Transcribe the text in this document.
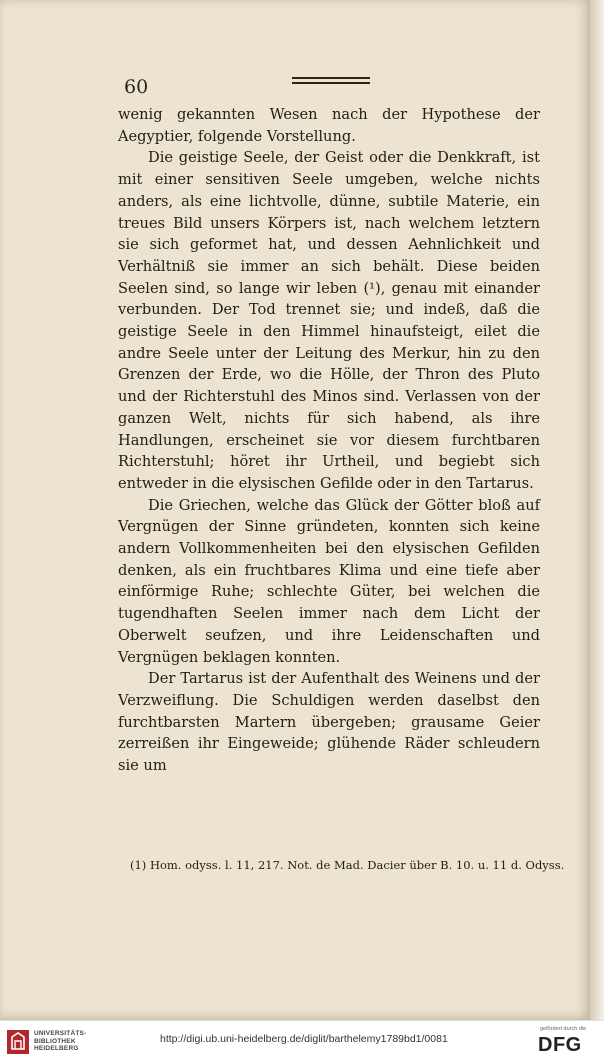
60

wenig gekannten Wesen nach der Hypothese der Aegyptier, folgende Vorstellung.

Die geistige Seele, der Geist oder die Denkkraft, ist mit einer sensitiven Seele umgeben, welche nichts anders, als eine lichtvolle, dünne, subtile Materie, ein treues Bild unsers Körpers ist, nach welchem letztern sie sich geformet hat, und dessen Aehnlichkeit und Verhältniß sie immer an sich behält. Diese beiden Seelen sind, so lange wir leben (¹), genau mit einander verbunden. Der Tod trennet sie; und indeß, daß die geistige Seele in den Himmel hinaufsteigt, eilet die andre Seele unter der Leitung des Merkur, hin zu den Grenzen der Erde, wo die Hölle, der Thron des Pluto und der Richterstuhl des Minos sind. Verlassen von der ganzen Welt, nichts für sich habend, als ihre Handlungen, erscheinet sie vor diesem furchtbaren Richterstuhl; höret ihr Urtheil, und begiebt sich entweder in die elysischen Gefilde oder in den Tartarus.

Die Griechen, welche das Glück der Götter bloß auf Vergnügen der Sinne gründeten, konnten sich keine andern Vollkommenheiten bei den elysischen Gefilden denken, als ein fruchtbares Klima und eine tiefe aber einförmige Ruhe; schlechte Güter, bei welchen die tugendhaften Seelen immer nach dem Licht der Oberwelt seufzen, und ihre Leidenschaften und Vergnügen beklagen konnten.

Der Tartarus ist der Aufenthalt des Weinens und der Verzweiflung. Die Schuldigen werden daselbst den furchtbarsten Martern übergeben; grausame Geier zerreißen ihr Eingeweide; glühende Räder schleudern sie um

(1) Hom. odyss. l. 11, 217. Not. de Mad. Dacier über B. 10. u. 11 d. Odyss.
UNIVERSITÄTS-
BIBLIOTHEK
HEIDELBERG
http://digi.ub.uni-heidelberg.de/diglit/barthelemy1789bd1/0081
gefördert durch die
DFG
